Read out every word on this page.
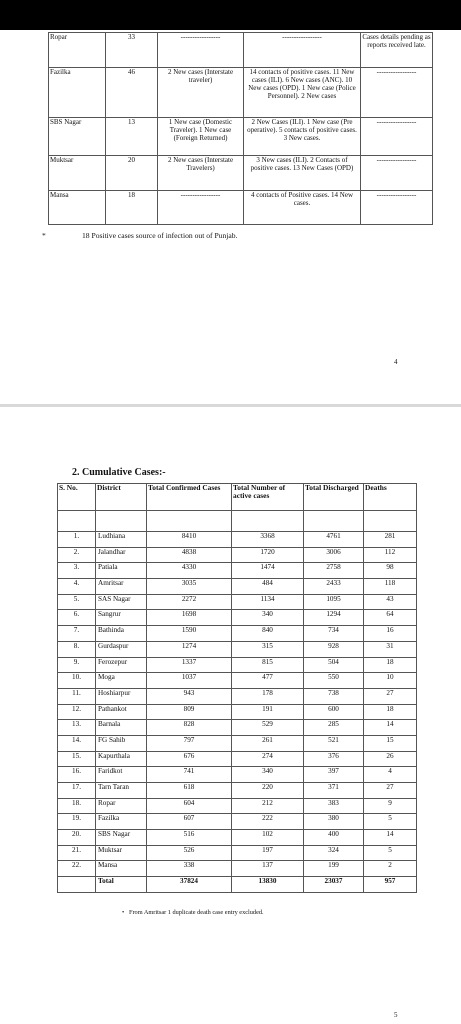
Ropar	33	-----------------	-----------------	Cases details pending as reports received late.
Fazilka	46	2 New cases (Interstate traveler)	14 contacts of positive cases. 11 New cases (ILI). 6 New cases (ANC). 10 New cases (OPD). 1 New case (Police Personnel). 2 New cases	-----------------
SBS Nagar	13	1 New case (Domestic Traveler). 1 New case (Foreign Returned)	2 New Cases (ILI). 1 New case (Pre operative). 5 contacts of positive cases. 3 New cases.	-----------------
Muktsar	20	2 New cases (Interstate Travelers)	3 New cases (ILI). 2 Contacts of positive cases. 13 New Cases (OPD)	-----------------
Mansa	18	-----------------	4 contacts of Positive cases. 14 New cases.	-----------------
*	18 Positive cases source of infection out of Punjab.
4
2. Cumulative Cases:-
S. No.	District	Total Confirmed Cases	Total Number of active cases	Total Discharged	Deaths

1.	Ludhiana	8410	3368	4761	281
2.	Jalandhar	4838	1720	3006	112
3.	Patiala	4330	1474	2758	98
4.	Amritsar	3035	484	2433	118
5.	SAS Nagar	2272	1134	1095	43
6.	Sangrur	1698	340	1294	64
7.	Bathinda	1590	840	734	16
8.	Gurdaspur	1274	315	928	31
9.	Ferozepur	1337	815	504	18
10.	Moga	1037	477	550	10
11.	Hoshiarpur	943	178	738	27
12.	Pathankot	809	191	600	18
13.	Barnala	828	529	285	14
14.	FG Sahib	797	261	521	15
15.	Kapurthala	676	274	376	26
16.	Faridkot	741	340	397	4
17.	Tarn Taran	618	220	371	27
18.	Ropar	604	212	383	9
19.	Fazilka	607	222	380	5
20.	SBS Nagar	516	102	400	14
21.	Muktsar	526	197	324	5
22.	Mansa	338	137	199	2
	Total	37824	13830	23037	957
• From Amritsar 1 duplicate death case entry excluded.
5
